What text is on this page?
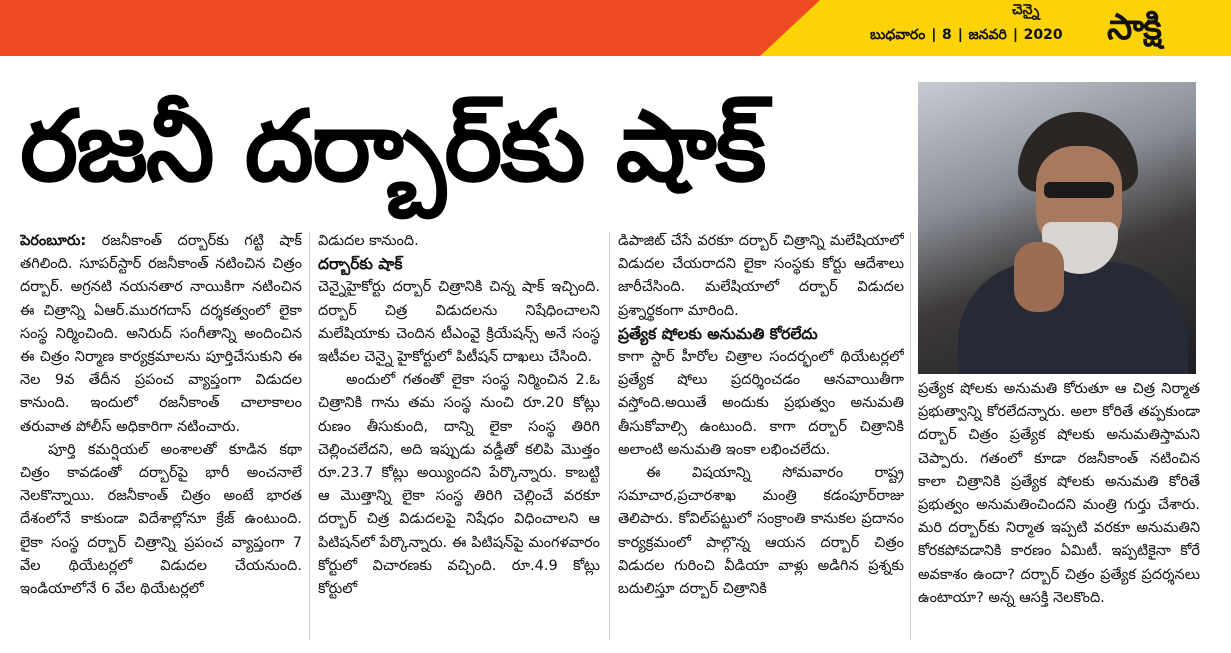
చెన్నై
బుధవారం ∣ 8 ∣ జనవరి ∣ 2020	సాక్షి
రజనీ దర్బార్‌కు షాక్

పెరంబూరు: రజనీకాంత్ దర్బార్‌కు గట్టి షాక్ తగిలింది. సూపర్‌స్టార్ రజనీకాంత్ నటించిన చిత్రం దర్బార్. అగ్రనటి నయనతార నాయికిగా నటించిన ఈ చిత్రాన్ని ఏఆర్.మురగదాస్ దర్శకత్వంలో లైకా సంస్థ నిర్మించింది. అనిరుద్ సంగీతాన్ని అందించిన ఈ చిత్రం నిర్మాణ కార్యక్రమాలను పూర్తిచేసుకుని ఈ నెల 9వ తేదీన ప్రపంచ వ్యాప్తంగా విడుదల కానుంది. ఇందులో రజనీకాంత్ చాలాకాలం తరువాత పోలీస్ అధికారిగా నటించారు.

పూర్తి కమర్షియల్ అంశాలతో కూడిన కథా చిత్రం కావడంతో దర్బార్‌పై భారీ అంచనాలే నెలకొన్నాయి. రజనీకాంత్ చిత్రం అంటే భారత దేశంలోనే కాకుండా విదేశాల్లోనూ క్రేజ్ ఉంటుంది. లైకా సంస్థ దర్బార్ చిత్రాన్ని ప్రపంచ వ్యాప్తంగా 7 వేల థియేటర్లలో విడుదల చేయనుంది. ఇండియాలోనే 6 వేల థియేటర్లలో

విడుదల కానుంది.

దర్బార్‌కు షాక్

చెన్నైహైకోర్టు దర్బార్ చిత్రానికి చిన్న షాక్ ఇచ్చింది. దర్బార్ చిత్ర విడుదలను నిషేధించాలని మలేషియాకు చెందిన టీఎంవై క్రియేషన్స్ అనే సంస్థ ఇటీవల చెన్నై హైకోర్టులో పిటీషన్ దాఖలు చేసింది.

అందులో గతంతో లైకా సంస్థ నిర్మించిన 2.ఓ చిత్రానికి గాను తమ సంస్థ నుంచి రూ.20 కోట్లు రుణం తీసుకుంది, దాన్ని లైకా సంస్థ తిరిగి చెల్లించలేదని, అది ఇప్పుడు వడ్డీతో కలిపి మొత్తం రూ.23.7 కోట్లు అయ్యిందని పేర్కొన్నారు. కాబట్టి ఆ మొత్తాన్ని లైకా సంస్థ తిరిగి చెల్లించే వరకూ దర్బార్ చిత్ర విడుదలపై నిషేధం విధించాలని ఆ పిటిషన్‌లో పేర్కొన్నారు. ఈ పిటిషన్‌పై మంగళవారం కోర్టులో విచారణకు వచ్చింది. రూ.4.9 కోట్లు కోర్టులో

డిపాజిట్ చేసే వరకూ దర్బార్ చిత్రాన్ని మలేషియాలో విడుదల చేయరాదని లైకా సంస్థకు కోర్టు ఆదేశాలు జారీచేసింది. మలేషియాలో దర్బార్ విడుదల ప్రశ్నార్థకంగా మారింది.

ప్రత్యేక షోలకు అనుమతి కోరలేదు

కాగా స్టార్ హీరోల చిత్రాల సందర్భంలో థియేటర్లలో ప్రత్యేక షోలు ప్రదర్శించడం ఆనవాయితీగా వస్తోంది.అయితే అందుకు ప్రభుత్వం అనుమతి తీసుకోవాల్సి ఉంటుంది. కాగా దర్బార్ చిత్రానికి అలాంటి అనుమతి ఇంకా లభించలేదు.

ఈ విషయాన్ని సోమవారం రాష్ట్ర సమాచార,ప్రచారశాఖ మంత్రి కడంపూర్‌రాజు తెలిపారు. కోవిల్‌పట్టులో సంక్రాంతి కానుకల ప్రదానం కార్యక్రమంలో పాల్గొన్న ఆయన దర్బార్ చిత్రం విడుదల గురించి వీడియా వాళ్లు అడిగిన ప్రశ్నకు బదులిస్తూ దర్బార్ చిత్రానికి

ప్రత్యేక షోలకు అనుమతి కోరుతూ ఆ చిత్ర నిర్మాత ప్రభుత్వాన్ని కోరలేదన్నారు. అలా కోరితే తప్పకుండా దర్బార్ చిత్రం ప్రత్యేక షోలకు అనుమతిస్తామని చెప్పారు. గతంలో కూడా రజనీకాంత్ నటించిన కాలా చిత్రానికి ప్రత్యేక షోలకు అనుమతి కోరితే ప్రభుత్వం అనుమతించిందని మంత్రి గుర్తు చేశారు. మరి దర్బార్‌కు నిర్మాత ఇప్పటి వరకూ అనుమతిని కోరకపోవడానికి కారణం ఏమిటీ. ఇప్పటికైనా కోరే అవకాశం ఉందా? దర్బార్ చిత్రం ప్రత్యేక ప్రదర్శనలు ఉంటాయా? అన్న ఆసక్తి నెలకొంది.
